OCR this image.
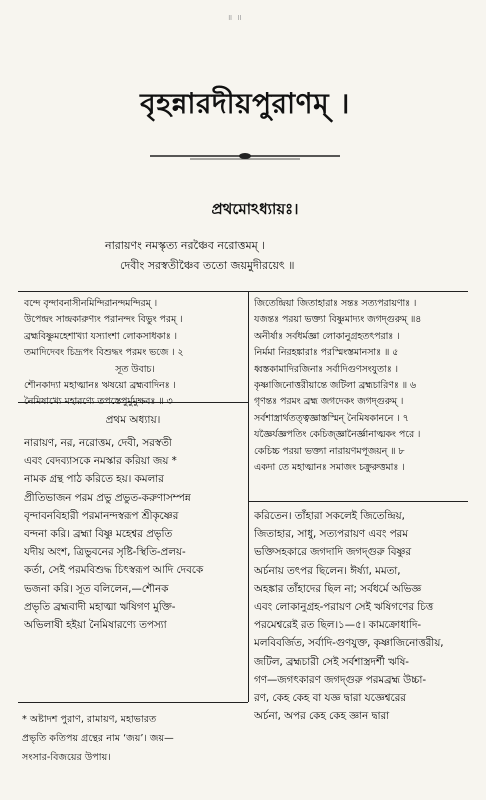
॥ ॥
বৃহন্নারদীয়পুরাণম্ ।
প্রথমোঽধ্যায়ঃ।
নারায়ণং নমস্কৃত্য নরঞ্চৈব নরোত্তমম্ ।
দেবীং সরস্বতীঞ্চৈব ততো জয়মুদীরয়েৎ ॥
বন্দে বৃন্দাবনাসীনমিন্দিরানন্দমন্দিরম্ ।
উপেন্দ্রং সান্দ্রকারুণ্যং পরানন্দং বিভুং পরম্ ।
ব্রহ্মবিষ্ণুমহেশাখ্যা যস্যাংশা লোকসাধকাঃ ।
তমাদিদেবং চিদ্রূপং বিশুদ্ধং পরমং ভজে । ২
সূত উবাচ।
শৌনকাদ্যা মহাত্মানঃ ঋষয়ো ব্রহ্মবাদিনঃ ।
নৈমিষাখ্যে মহারণ্যে তপস্তেপুর্মুমুক্ষবঃ ॥ ৩
জিতেন্দ্রিয়া জিতাহারাঃ সন্তঃ সত্যপরায়ণাঃ ।
যজন্তঃ পরয়া ভক্ত্যা বিষ্ণুমাদ্যং জগদ্গুরুম্ ॥৪
অনীর্ষাঃ সর্বধর্মজ্ঞা লোকানুগ্রহতৎপরাঃ ।
নির্মমা নিরহঙ্কারাঃ পরস্মিংস্তমানসাঃ ॥ ৫
ধ্বস্তকামাদিরজিনাঃ সর্বাদিগুণসংযুতাঃ ।
কৃষ্ণাজিনোত্তরীয়ান্তে জটিলা ব্রহ্মচারিণঃ ॥ ৬
গৃণন্তঃ পরমং ব্রহ্ম জগদেকং জগদ্গুরুম্ ।
সর্বশাস্ত্রার্থতত্ত্বজ্ঞাস্তস্মিন্‌ নৈমিষকাননে । ৭
যজ্ঞৈর্যজ্ঞপতিং কেচিজ্‌জ্ঞানৈর্জ্ঞানাত্মকং পরে ।
কেচিচ্চ পরয়া ভক্ত্যা নারায়ণমপূজয়ন্ ॥ ৮
একদা তে মহাত্মানঃ সমাজং চক্রুরুত্তমাঃ ।
প্রথম অধ্যায়।
নারায়ণ, নর, নরোত্তম, দেবী, সরস্বতী
এবং বেদব্যাসকে নমস্কার করিয়া জয় *
নামক গ্রন্থ পাঠ করিতে হয়। কমলার
প্রীতিভাজন পরম প্রভু প্রভুত-করুণাসম্পন্ন
বৃন্দাবনবিহারী পরমানন্দস্বরূপ শ্রীকৃষ্ণের
বন্দনা করি। ব্রহ্মা বিষ্ণু মহেশ্বর প্রভৃতি
যদীয় অংশ, ত্রিভুবনের সৃষ্টি-স্থিতি-প্রলয়-
কর্তা, সেই পরমবিশুদ্ধ চিৎস্বরূপ আদি দেবকে
ভজনা করি। সূত বলিলেন,—শৌনক
প্রভৃতি ব্রহ্মবাদী মহাত্মা ঋষিগণ মুক্তি-
অভিলাষী হইয়া নৈমিষারণ্যে তপস্যা
করিতেন। তাঁহারা সকলেই জিতেন্দ্রিয়,
জিতাহার, সাধু, সত্যপরায়ণ এবং পরম
ভক্তিসহকারে জগদাদি জগদ্‌গুরু বিষ্ণুর
অর্চনায় তৎপর ছিলেন। ঈর্ষ্যা, মমতা,
অহঙ্কার তাঁহাদের ছিল না; সর্বধর্মে অভিজ্ঞ
এবং লোকানুগ্রহ-পরায়ণ সেই ঋষিগণের চিত্ত
পরমেশ্বরেই রত ছিল।১—৫। কামক্রোধাদি-
মলবিবর্জিত, সর্বাদি-গুণযুক্ত, কৃষ্ণাজিনোত্তরীয়,
জটিল, ব্রহ্মচারী সেই সর্বশাস্ত্রদর্শী ঋষি-
গণ—জগৎকারণ জগদ্‌গুরু পরমব্রহ্ম উচ্চা-
রণ, কেহ কেহ বা যজ্ঞ দ্বারা যজ্ঞেশ্বরের
অর্চনা, অপর কেহ কেহ জ্ঞান দ্বারা
* অষ্টাদশ পুরাণ, রামায়ণ, মহাভারত
প্রভৃতি কতিপয় গ্রন্থের নাম ‘জয়’। জয়—
সংসার-বিজয়ের উপায়।
